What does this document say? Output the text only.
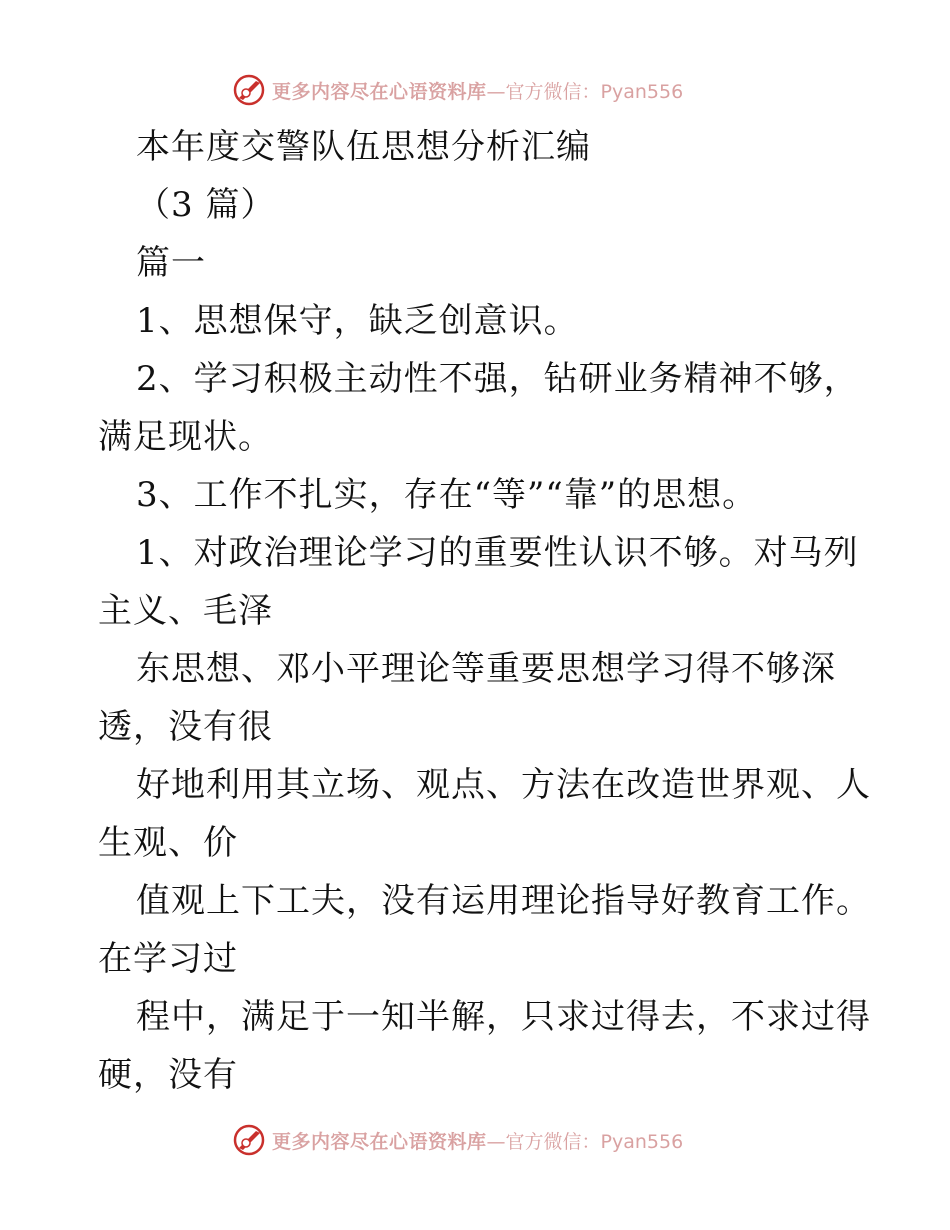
更多内容尽在心语资料库 —官方微信：Pyan556
本年度交警队伍思想分析汇编
（3 篇）
篇一
1、思想保守，缺乏创意识。
2、学习积极主动性不强，钻研业务精神不够，
满足现状。
3、工作不扎实，存在“等”“靠”的思想。
1、对政治理论学习的重要性认识不够。对马列
主义、毛泽
东思想、邓小平理论等重要思想学习得不够深
透，没有很
好地利用其立场、观点、方法在改造世界观、人
生观、价
值观上下工夫，没有运用理论指导好教育工作。
在学习过
程中，满足于一知半解，只求过得去，不求过得
硬，没有
更多内容尽在心语资料库 —官方微信：Pyan556
